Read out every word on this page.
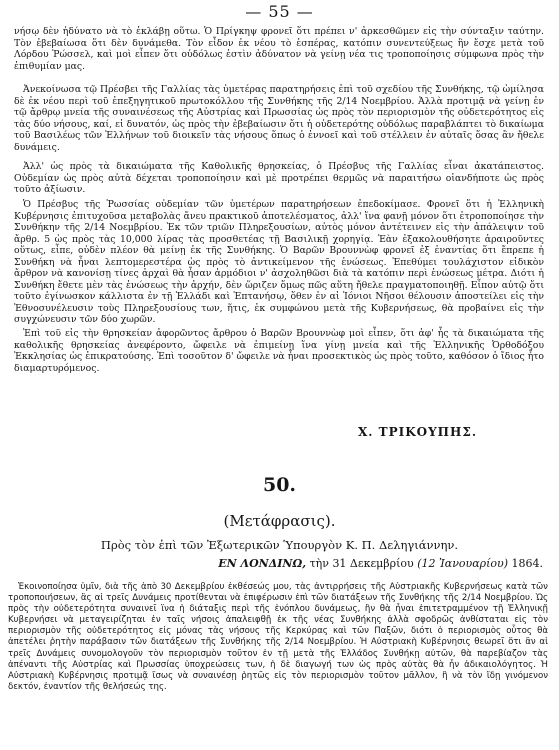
— 55 —

νήσῳ δὲν ἠδύνατο νὰ τὸ ἐκλάβῃ οὕτω. Ὁ Πρίγκηψ φρονεῖ ὅτι πρέπει ν' ἀρκεσθῶμεν εἰς τὴν σύνταξιν ταύτην. Τὸν ἐβεβαίωσα ὅτι δὲν δυνάμεθα. Τὸν εἶδον ἐκ νέου τὸ ἑσπέρας, κατόπιν συνεντεύξεως ἣν ἔσχε μετὰ τοῦ Λόρδου Ῥώσσελ, καὶ μοὶ εἶπεν ὅτι οὐδόλως ἐστὶν ἀδύνατον νὰ γείνῃ νέα τις τροποποίησις σύμφωνα πρὸς τὴν ἐπιθυμίαν μας.

Ἀνεκοίνωσα τῷ Πρέσβει τῆς Γαλλίας τὰς ὑμετέρας παρατηρήσεις ἐπὶ τοῦ σχεδίου τῆς Συνθήκης, τῷ ὡμίλησα δὲ ἐκ νέου περὶ τοῦ ἐπεξηγητικοῦ πρωτοκόλλου τῆς Συνθήκης τῆς 2/14 Νοεμβρίου. Ἀλλὰ προτιμᾷ νὰ γείνῃ ἐν τῷ ἄρθρῳ μνεία τῆς συναινέσεως τῆς Αὐστρίας καὶ Πρωσσίας ὡς πρὸς τὸν περιορισμὸν τῆς οὐδετερότητος εἰς τὰς δύο νήσους, καί, εἰ δυνατόν, ὡς πρὸς τὴν ἐβεβαίωσιν ὅτι ἡ οὐδετερότης οὐδόλως παραβλάπτει τὸ δικαίωμα τοῦ Βασιλέως τῶν Ἑλλήνων τοῦ διοικεῖν τὰς νήσους ὅπως ὁ ἐννοεῖ καὶ τοῦ στέλλειν ἐν αὐταῖς ὅσας ἂν ἤθελε δυνάμεις.

Ἀλλ' ὡς πρὸς τὰ δικαιώματα τῆς Καθολικῆς θρησκείας, ὁ Πρέσβυς τῆς Γαλλίας εἶναι ἀκατάπειστος. Οὐδεμίαν ὡς πρὸς αὐτὰ δέχεται τροποποίησιν καὶ μὲ προτρέπει θερμῶς νὰ παραιτήσω οἱανδήποτε ὡς πρὸς τοῦτο ἀξίωσιν.

Ὁ Πρέσβυς τῆς Ῥωσσίας οὐδεμίαν τῶν ὑμετέρων παρατηρήσεων ἐπεδοκίμασε. Φρονεῖ ὅτι ἡ Ἑλληνικὴ Κυβέρνησις ἐπιτυχοῦσα μεταβολὰς ἄνευ πρακτικοῦ ἀποτελέσματος, ἀλλ' ἵνα φανῇ μόνον ὅτι ἐτροποποίησε τὴν Συνθήκην τῆς 2/14 Νοεμβρίου. Ἐκ τῶν τριῶν Πληρεξουσίων, αὐτὸς μόνον ἀντέτεινεν εἰς τὴν ἀπάλειψιν τοῦ ἄρθρ. 5 ὡς πρὸς τὰς 10,000 λίρας τὰς προσθετέας τῇ Βασιλικῇ χορηγίᾳ. Ἐὰν ἐξακολουθήσητε ἀραιροῦντες οὕτως, εἶπε, οὐδὲν πλέον θὰ μείνῃ ἐκ τῆς Συνθήκης. Ὁ Βαρῶν Βρουννὼφ φρονεῖ ἐξ ἐναντίας ὅτι ἔπρεπε ἡ Συνθήκη νὰ ἦναι λεπτομερεστέρα ὡς πρὸς τὸ ἀντικείμενον τῆς ἑνώσεως. Ἐπεθύμει τουλάχιστον εἰδικὸν ἄρθρον νὰ κανονίσῃ τίνες ἀρχαὶ θὰ ἦσαν ἁρμόδιοι ν' ἀσχοληθῶσι διὰ τὰ κατόπιν περὶ ἑνώσεως μέτρα. Διότι ἡ Συνθήκη ἔθετε μὲν τὰς ἑνώσεως τὴν ἀρχήν, δὲν ὥριζεν ὅμως πῶς αὕτη ἤθελε πραγματοποιηθῇ. Εἶπον αὐτῷ ὅτι τοῦτο ἐγίνωσκον κάλλιστα ἐν τῇ Ἑλλάδι καὶ Ἑπτανήσῳ, ὅθεν ἐν αἱ Ἰόνιοι Νῆσοι θέλουσιν ἀποστείλει εἰς τὴν Ἐθνοσυνέλευσιν τοὺς Πληρεξουσίους των, ἥτις, ἐκ συμφώνου μετὰ τῆς Κυβερνήσεως, θὰ προβαίνει εἰς τὴν συγχώνευσιν τῶν δύο χωρῶν.

Ἐπὶ τοῦ εἰς τὴν θρησκείαν ἀφορῶντος ἄρθρου ὁ Βαρῶν Βρουννὼφ μοὶ εἶπεν, ὅτι ἀφ' ἧς τὰ δικαιώματα τῆς καθολικῆς θρησκείας ἀνεφέροντο, ὤφειλε νὰ ἐπιμείνῃ ἵνα γίνῃ μνεία καὶ τῆς Ἑλληνικῆς Ὀρθοδόξου Ἐκκλησίας ὡς ἐπικρατούσης. Ἐπὶ τοσοῦτον δ' ὤφειλε νὰ ἦναι προσεκτικὸς ὡς πρὸς τοῦτο, καθόσον ὁ ἴδιος ἦτο διαμαρτυρόμενος.

Χ. ΤΡΙΚΟΥΠΗΣ.
50.
(Μετάφρασις).
Πρὸς τὸν ἐπὶ τῶν Ἐξωτερικῶν Ὑπουργὸν Κ. Π. Δεληγιάννην.
ΕΝ ΛΟΝΔΙΝΩ, τὴν 31 Δεκεμβρίου (12 Ἰανουαρίου) 1864.

Ἐκοινοποίησα ὑμῖν, διὰ τῆς ἀπὸ 30 Δεκεμβρίου ἐκθέσεώς μου, τὰς ἀντιρρήσεις τῆς Αὐστριακῆς Κυβερνήσεως κατὰ τῶν τροποποιήσεων, ἃς αἱ τρεῖς Δυνάμεις προτίθενται νὰ ἐπιφέρωσιν ἐπὶ τῶν διατάξεων τῆς Συνθήκης τῆς 2/14 Νοεμβρίου. Ὡς πρὸς τὴν οὐδετερότητα συναινεῖ ἵνα ἡ διάταξις περὶ τῆς ἑνόπλου δυνάμεως, ἣν θὰ ἦναι ἐπιτετραμμένον τῇ Ἑλληνικῇ Κυβερνήσει νὰ μεταγειρίζηται ἐν ταῖς νήσοις ἀπαλειφθῇ ἐκ τῆς νέας Συνθήκης ἀλλὰ σφοδρῶς ἀνθίσταται εἰς τὸν περιορισμὸν τῆς οὐδετερότητος εἰς μόνας τὰς νήσους τῆς Κερκύρας καὶ τῶν Παξῶν, διότι ὁ περιορισμὸς οὗτος θὰ ἀπετέλει ῥητὴν παράβασιν τῶν διατάξεων τῆς Συνθήκης τῆς 2/14 Νοεμβρίου. Ἡ Αὐστριακὴ Κυβέρνησις θεωρεῖ ὅτι ἂν αἱ τρεῖς Δυνάμεις συνομολογοῦν τὸν περιορισμὸν τοῦτον ἐν τῇ μετὰ τῆς Ἑλλάδος Συνθήκῃ αὐτῶν, θὰ παρεβίαζον τὰς ἀπέναντι τῆς Αὐστρίας καὶ Πρωσσίας ὑποχρεώσεις των, ἡ δὲ διαγωγή των ὡς πρὸς αὐτὰς θὰ ἦν ἀδικαιολόγητος. Ἡ Αὐστριακὴ Κυβέρνησις προτιμᾷ ἴσως νὰ συναινέσῃ ῥητῶς εἰς τὸν περιορισμὸν τοῦτον μᾶλλον, ἢ νὰ τὸν ἴδῃ γινόμενον δεκτόν, ἐναντίον τῆς θελήσεώς της.
